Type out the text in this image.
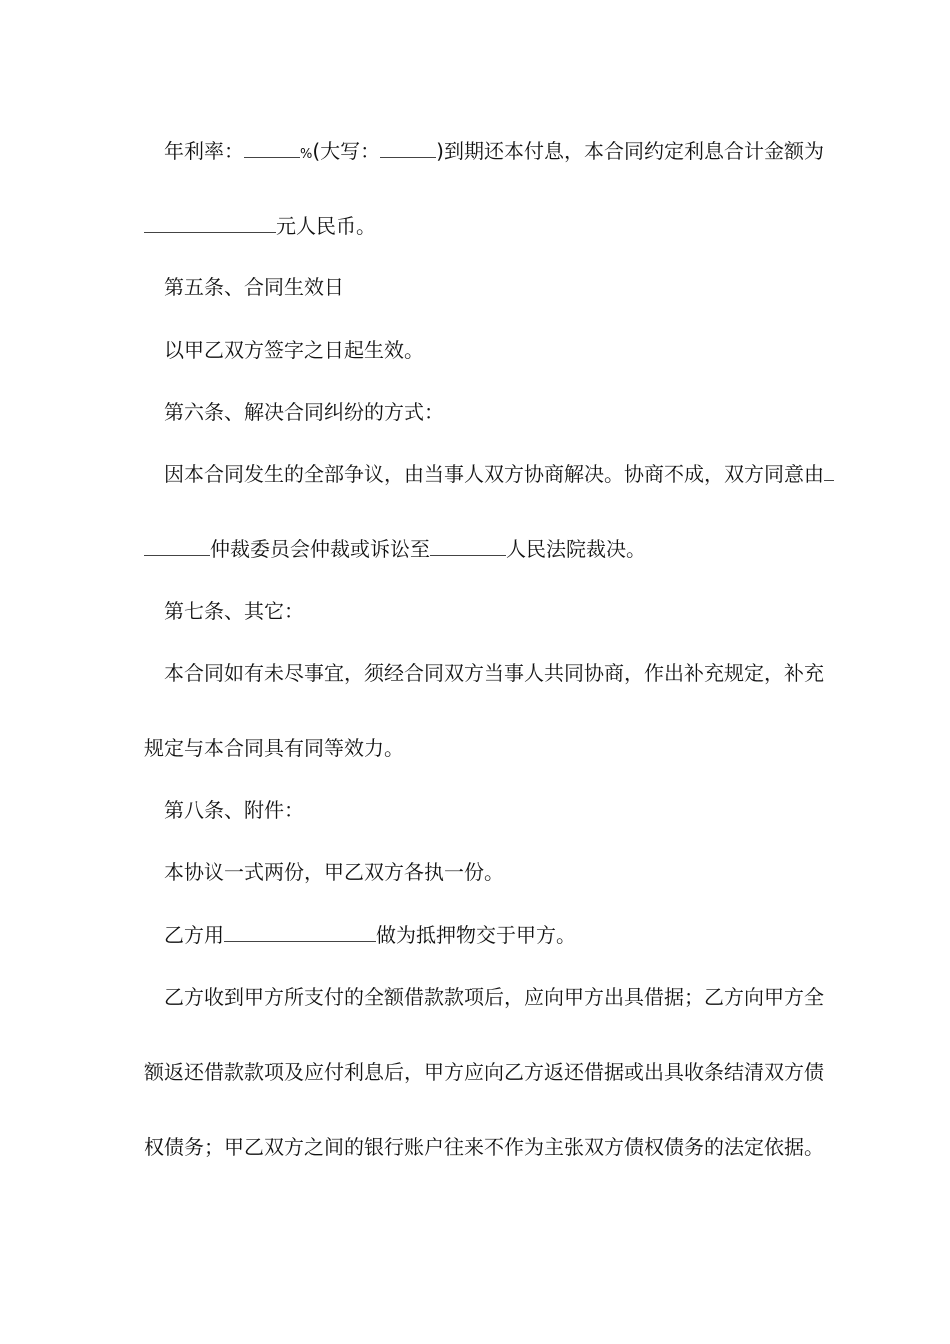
年利率：	%(大写：	)到期还本付息，本合同约定利息合计金额为
元人民币。
第五条、合同生效日
以甲乙双方签字之日起生效。
第六条、解决合同纠纷的方式：
因本合同发生的全部争议，由当事人双方协商解决。协商不成，双方同意由
仲裁委员会仲裁或诉讼至	人民法院裁决。
第七条、其它：
本合同如有未尽事宜，须经合同双方当事人共同协商，作出补充规定，补充
规定与本合同具有同等效力。
第八条、附件：
本协议一式两份，甲乙双方各执一份。
乙方用	做为抵押物交于甲方。
乙方收到甲方所支付的全额借款款项后，应向甲方出具借据；乙方向甲方全
额返还借款款项及应付利息后，甲方应向乙方返还借据或出具收条结清双方债
权债务；甲乙双方之间的银行账户往来不作为主张双方债权债务的法定依据。
